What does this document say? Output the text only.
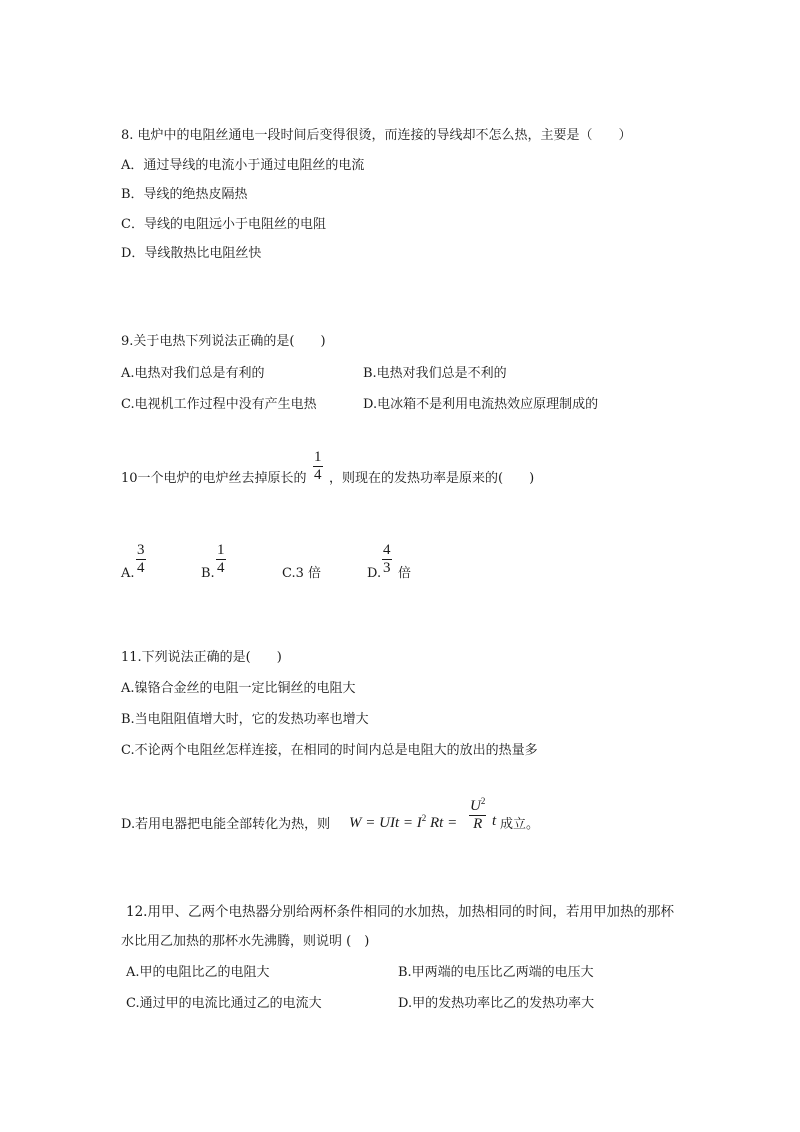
8. 电炉中的电阻丝通电一段时间后变得很烫，而连接的导线却不怎么热，主要是（　　）
A．通过导线的电流小于通过电阻丝的电流
B．导线的绝热皮隔热
C．导线的电阻远小于电阻丝的电阻
D．导线散热比电阻丝快
9.关于电热下列说法正确的是(　　)
A.电热对我们总是有利的	B.电热对我们总是不利的
C.电视机工作过程中没有产生电热	D.电冰箱不是利用电流热效应原理制成的
10一个电炉的电炉丝去掉原长的
1
4 ，则现在的发热功率是原来的(　　)
A.
3
4	B.
1
4	C.3 倍	D.
4
3 倍
11.下列说法正确的是(　　)
A.镍铬合金丝的电阻一定比铜丝的电阻大
B.当电阻阻值增大时，它的发热功率也增大
C.不论两个电阻丝怎样连接，在相同的时间内总是电阻大的放出的热量多
D.若用电器把电能全部转化为热，则 W = UIt = $I^2$ Rt =
$U^2$
R t 成立。
12.用甲、乙两个电热器分别给两杯条件相同的水加热，加热相同的时间，若用甲加热的那杯
水比用乙加热的那杯水先沸腾，则说明 (　)
A.甲的电阻比乙的电阻大	B.甲两端的电压比乙两端的电压大
C.通过甲的电流比通过乙的电流大	D.甲的发热功率比乙的发热功率大
